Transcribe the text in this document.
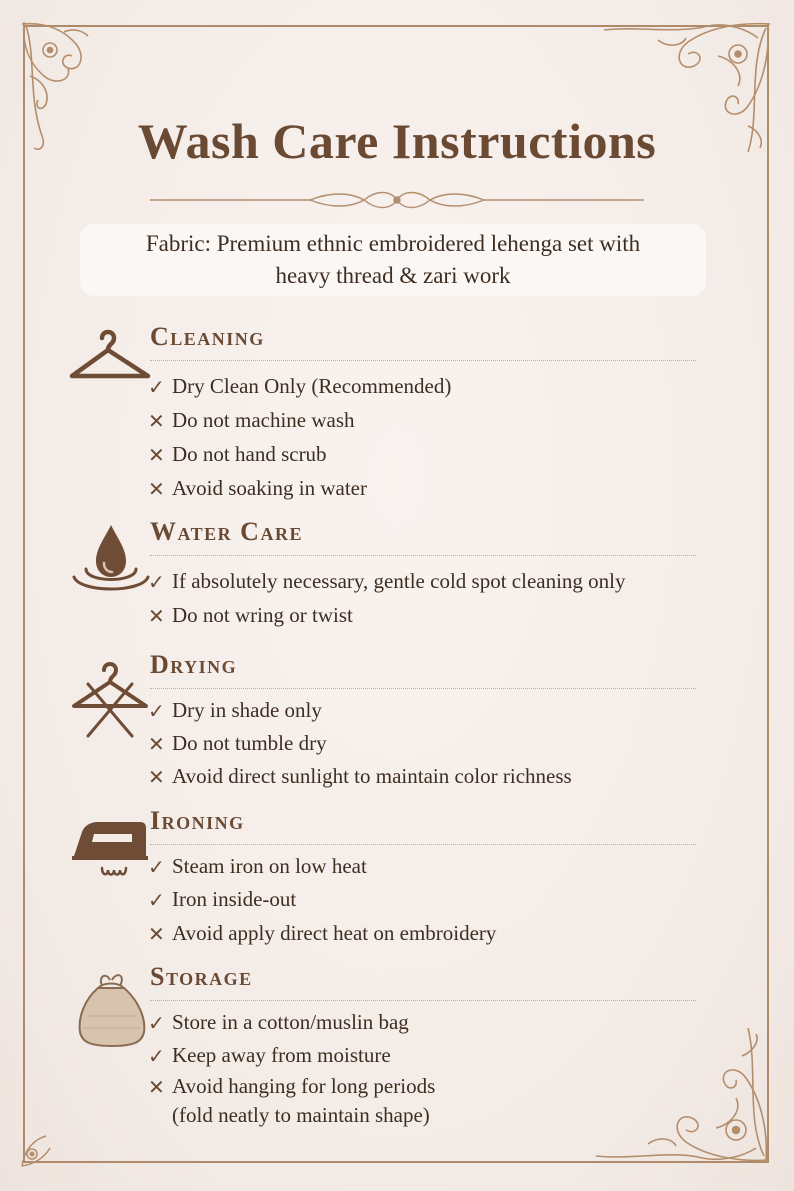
Wash Care Instructions
Fabric: Premium ethnic embroidered lehenga set with
heavy thread & zari work
Cleaning
✓ Dry Clean Only (Recommended)
✕ Do not machine wash
✕ Do not hand scrub
✕ Avoid soaking in water
Water Care
✓ If absolutely necessary, gentle cold spot cleaning only
✕ Do not wring or twist
Drying
✓ Dry in shade only
✕ Do not tumble dry
✕ Avoid direct sunlight to maintain color richness
Ironing
✓ Steam iron on low heat
✓ Iron inside-out
✕ Avoid apply direct heat on embroidery
Storage
✓ Store in a cotton/muslin bag
✓ Keep away from moisture
✕ Avoid hanging for long periods
(fold neatly to maintain shape)
